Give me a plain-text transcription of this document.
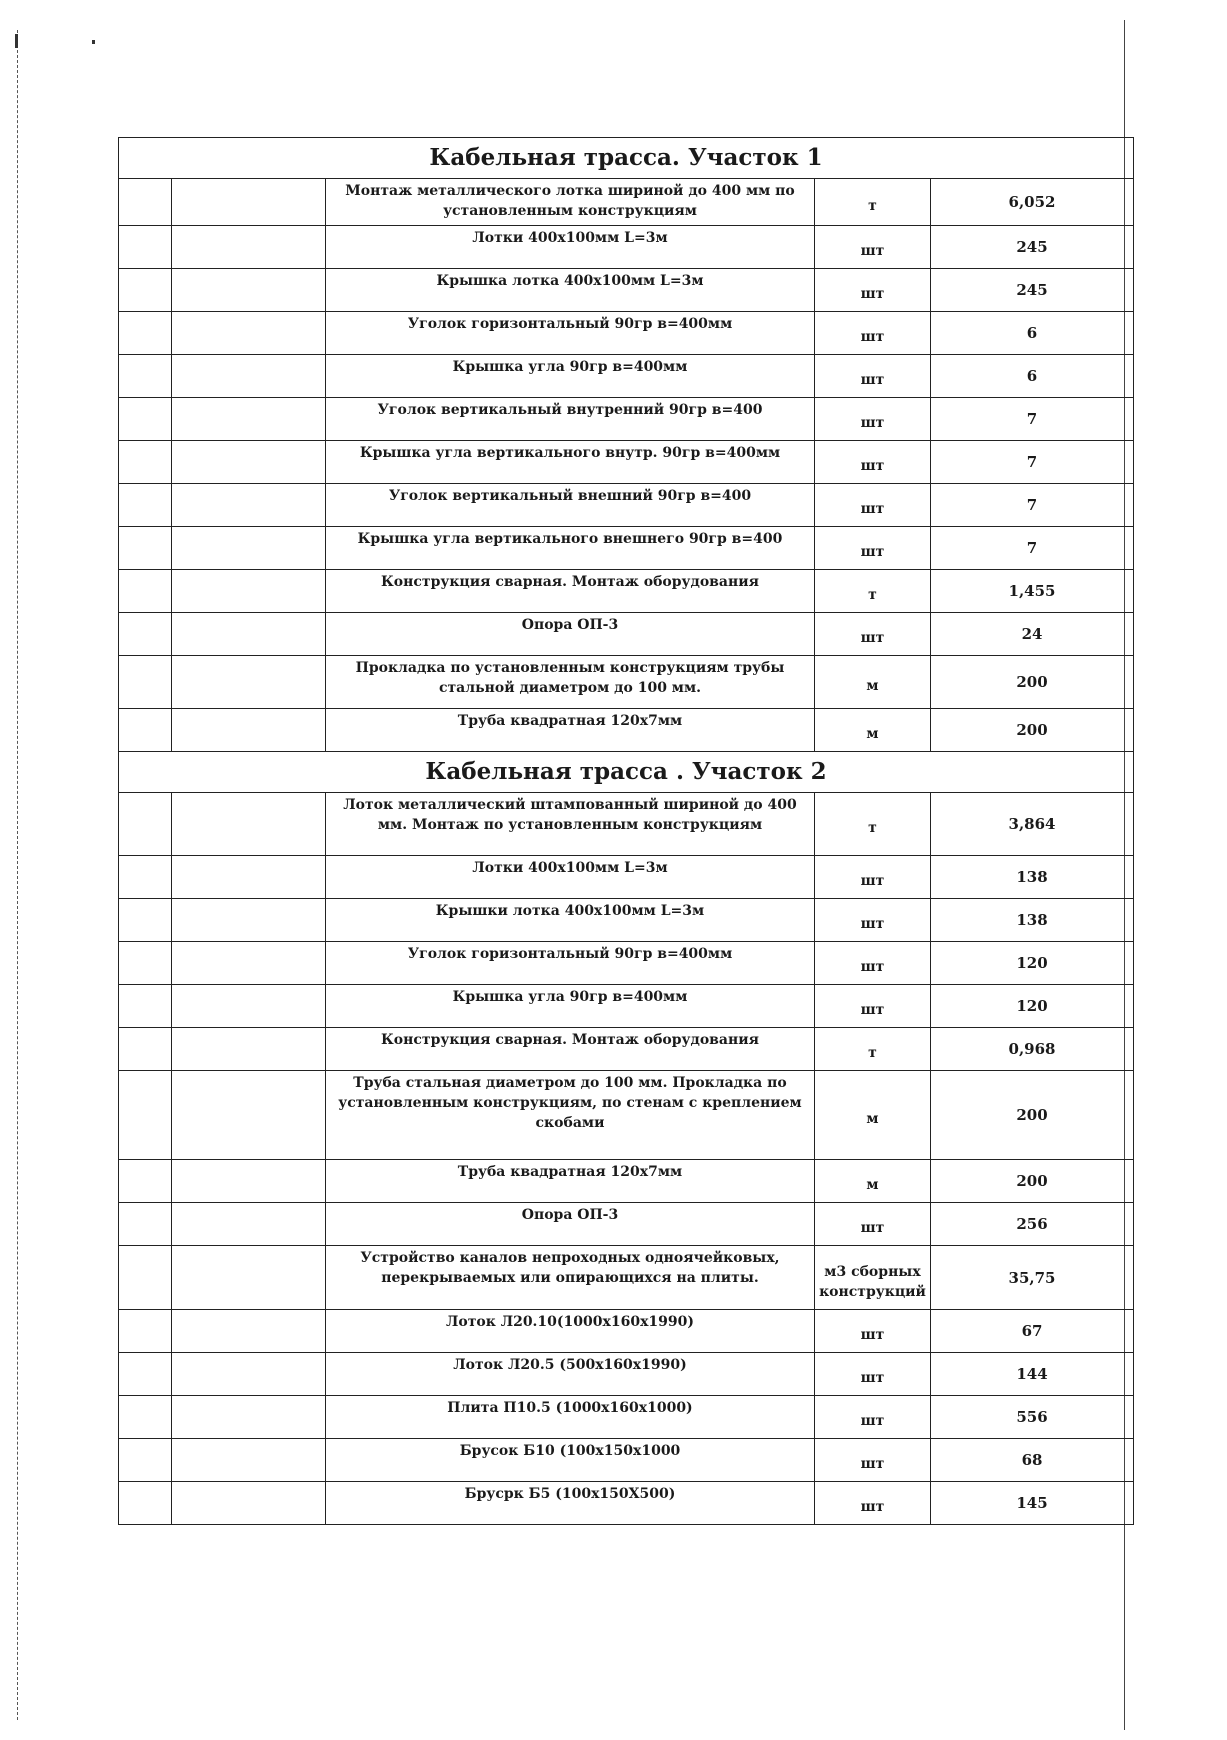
Кабельная трасса. Участок 1				
		Монтаж металлического лотка шириной до 400 мм по установленным конструкциям	т	6,052
		Лотки 400х100мм L=3м	шт	245
		Крышка лотка 400х100мм L=3м	шт	245
		Уголок горизонтальный 90гр в=400мм	шт	6
		Крышка угла 90гр в=400мм	шт	6
		Уголок вертикальный внутренний 90гр в=400	шт	7
		Крышка угла вертикального внутр. 90гр в=400мм	шт	7
		Уголок вертикальный внешний 90гр в=400	шт	7
		Крышка угла вертикального внешнего 90гр в=400	шт	7
		Конструкция сварная. Монтаж оборудования	т	1,455
		Опора ОП-3	шт	24
		Прокладка по установленным конструкциям трубы стальной диаметром до 100 мм.	м	200
		Труба квадратная 120х7мм	м	200
Кабельная трасса . Участок 2				
		Лоток металлический штампованный шириной до 400 мм. Монтаж по установленным конструкциям	т	3,864
		Лотки 400х100мм L=3м	шт	138
		Крышки лотка 400х100мм L=3м	шт	138
		Уголок горизонтальный 90гр в=400мм	шт	120
		Крышка угла 90гр в=400мм	шт	120
		Конструкция сварная. Монтаж оборудования	т	0,968
		Труба стальная диаметром до 100 мм. Прокладка по установленным конструкциям, по стенам с креплением скобами	м	200
		Труба квадратная 120х7мм	м	200
		Опора ОП-3	шт	256
		Устройство каналов непроходных одноячейковых, перекрываемых или опирающихся на плиты.	м3 сборных конструкций	35,75
		Лоток Л20.10(1000х160х1990)	шт	67
		Лоток Л20.5 (500х160х1990)	шт	144
		Плита П10.5 (1000х160х1000)	шт	556
		Брусок Б10 (100х150х1000	шт	68
		Брусрк Б5 (100х150Х500)	шт	145
